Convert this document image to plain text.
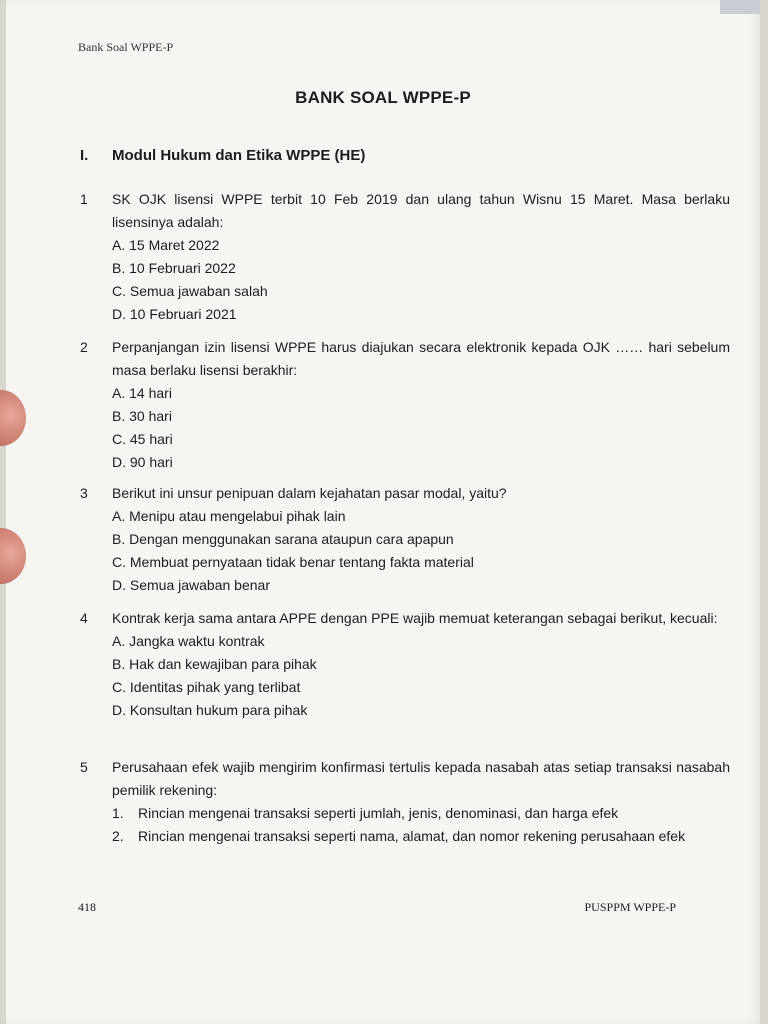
Bank Soal WPPE-P
BANK SOAL WPPE-P
I. Modul Hukum dan Etika WPPE (HE)
1 SK OJK lisensi WPPE terbit 10 Feb 2019 dan ulang tahun Wisnu 15 Maret. Masa berlaku lisensinya adalah:
A. 15 Maret 2022
B. 10 Februari 2022
C. Semua jawaban salah
D. 10 Februari 2021
2 Perpanjangan izin lisensi WPPE harus diajukan secara elektronik kepada OJK …… hari sebelum masa berlaku lisensi berakhir:
A. 14 hari
B. 30 hari
C. 45 hari
D. 90 hari
3 Berikut ini unsur penipuan dalam kejahatan pasar modal, yaitu?
A. Menipu atau mengelabui pihak lain
B. Dengan menggunakan sarana ataupun cara apapun
C. Membuat pernyataan tidak benar tentang fakta material
D. Semua jawaban benar
4 Kontrak kerja sama antara APPE dengan PPE wajib memuat keterangan sebagai berikut, kecuali:
A. Jangka waktu kontrak
B. Hak dan kewajiban para pihak
C. Identitas pihak yang terlibat
D. Konsultan hukum para pihak
5 Perusahaan efek wajib mengirim konfirmasi tertulis kepada nasabah atas setiap transaksi nasabah pemilik rekening:
1.	Rincian mengenai transaksi seperti jumlah, jenis, denominasi, dan harga efek
2.	Rincian mengenai transaksi seperti nama, alamat, dan nomor rekening perusahaan efek
418	PUSPPM WPPE-P
